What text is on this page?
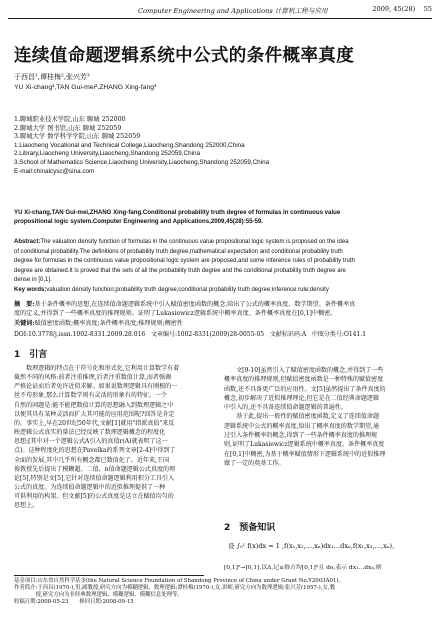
Computer Engineering and Applications 计算机工程与应用	2009, 45(28) 55
连续值命题逻辑系统中公式的条件概率真度
于西昌¹,谭桂梅²,张兴芳³
YU Xi-chang¹,TAN Gui-mei²,ZHANG Xing-fang³
1.聊城职业技术学院,山东 聊城 252000
2.聊城大学 图书馆,山东 聊城 252059
3.聊城大学 数学科学学院,山东 聊城 252059
1.Liaocheng Vocational and Technical College,Liaocheng,Shandong 252000,China
2.Library,Liaocheng University,Liaocheng,Shandong 252059,China
3.School of Mathematics Science,Liaocheng University,Liaocheng,Shandong 252059,China
E-mail:chinalcysc@sina.com
YU Xi-chang,TAN Gui-mei,ZHANG Xing-fang.Conditional probability truth degree of formulas in continuous value
propositional logic system.Computer Engineering and Applications,2009,45(28):55-59.
Abstract:The valuation density function of formulas in the continuous value propositional logic system is proposed on the idea
of conditional probability.The definitions of probability truth degree,mathematical expectation and conditional probability truth
degree for formulas in the continuous value propositional logic system are proposed,and some inference rules of probability truth
degree are obtained.It is proved that the sets of all the probability truth degree and the conditional probability truth degree are
dense in [0,1].
Key words:valuation density function;probability truth degree;conditional probability truth degree;inference rule;density
摘　要:基于条件概率的思想,在连续值命题逻辑系统中引入赋值密度函数的概念,给出了公式的概率真度、数学期望、条件概率真
度的定义,并得到了一些概率真度的推理规则。证明了Lukasiewicz逻辑系统中概率真度、条件概率真度在[0,1]中稠密。
关键词:赋值密度函数;概率真度;条件概率真度;推理规则;稠密性
DOI:10.3778/j.issn.1002-8331.2009.28.016 文章编号:1002-8331(2009)28-0055-05 文献标识码:A 中图分类号:O141.1
1　引言
　　数理逻辑的特点在于符号化和形式化,它利用计算数学有着
截然不同的风格:前者注重推理,后者注重数值计算,而者强调
严格论证而后者免许近似求解。如果说数理逻辑具有刚根的一
丝不苟形象,那么计算数学则有灵活的形象有的特征。一个
自然的问题是:能不能把数值计算的思想融入到数理逻辑之中
以便其具有某种灵活而扩大其可能的应用范围呢?回答是肯定
的。事实上,早在20世纪50年代,文献[1]就用"指派真值"来反
映逻辑公式真实的量法已经反映了数理逻辑概念的程度化
思想;[其中对一个逻辑公式A引入的真值r(A)就表明了这一
点)。这种程度化的思想在Pavelka的系列文章[2-4]中得到了
全面的发展,其中几乎所有概念都已数值化了。近年来,王国
俊教授先后提出了模糊超、二值、n值命题逻辑公式真度的理
论[5],特别是文[5],它针对连续值命题逻辑利用积分工具引入
公式的真度。为连续值命题逻辑中的近似推理提供了一种
可供利用的构架。但文献[5]的公式真度是这立在赋值均匀的
思想上。
　　文[9-10]虽然引入了赋值密度函数的概念,并得到了一些
概率真度的推理规则,但赋值密度函数是一种特殊的赋值密度
函数,还不具备更广泛的应用性。文[5]虽然提出了条件真度的
概念,初步解决了近似推理理论,但它是在二值经典命题逻辑
中引入的,还不具备连续值命题逻辑的普遍性。
　　基于此,提出一般性的赋值密度函数,定义了连续值命题
逻辑系统中公式的概率真度,给出了概率真度的数学期望,通
过引入条件概率的概念,得到了一些条件概率真度的推理规
则,证明了Lukasiewicz逻辑系统中概率真度、条件概率真度
在[0,1]中稠密,为基于概率赋值情形下逻辑系统中的近似推理
做了一定的奠基工作。
2　预备知识
设 ∫₀¹ f(x)dx = 1 ,f(x₁,x₂,…,xₙ)dx₁…dxₙ,f(x₁,x₂,…,xₙ),
[0,1]ⁿ→[0,1],以Δ,记≤推方均[0,1]ⁿ且 do,表示 dx₁…dxₙ,则
基金项目:山东省自然科学基金(the Natural Science Foundation of Shandong Province of China under Grant No.Y2003A01)。
作者简介:于西昌(1970-),男,副教授,研究方向为模糊逻辑、数理逻辑;谭桂梅(1970-),女,讲师,研究方向为数理逻辑;张兴芳(1957-),女,教
　　　　授,研究方向为非经典数理逻辑、模糊逻辑、模糊信息处理等。
收稿日期:2008-05-23　　修回日期:2008-09-15
